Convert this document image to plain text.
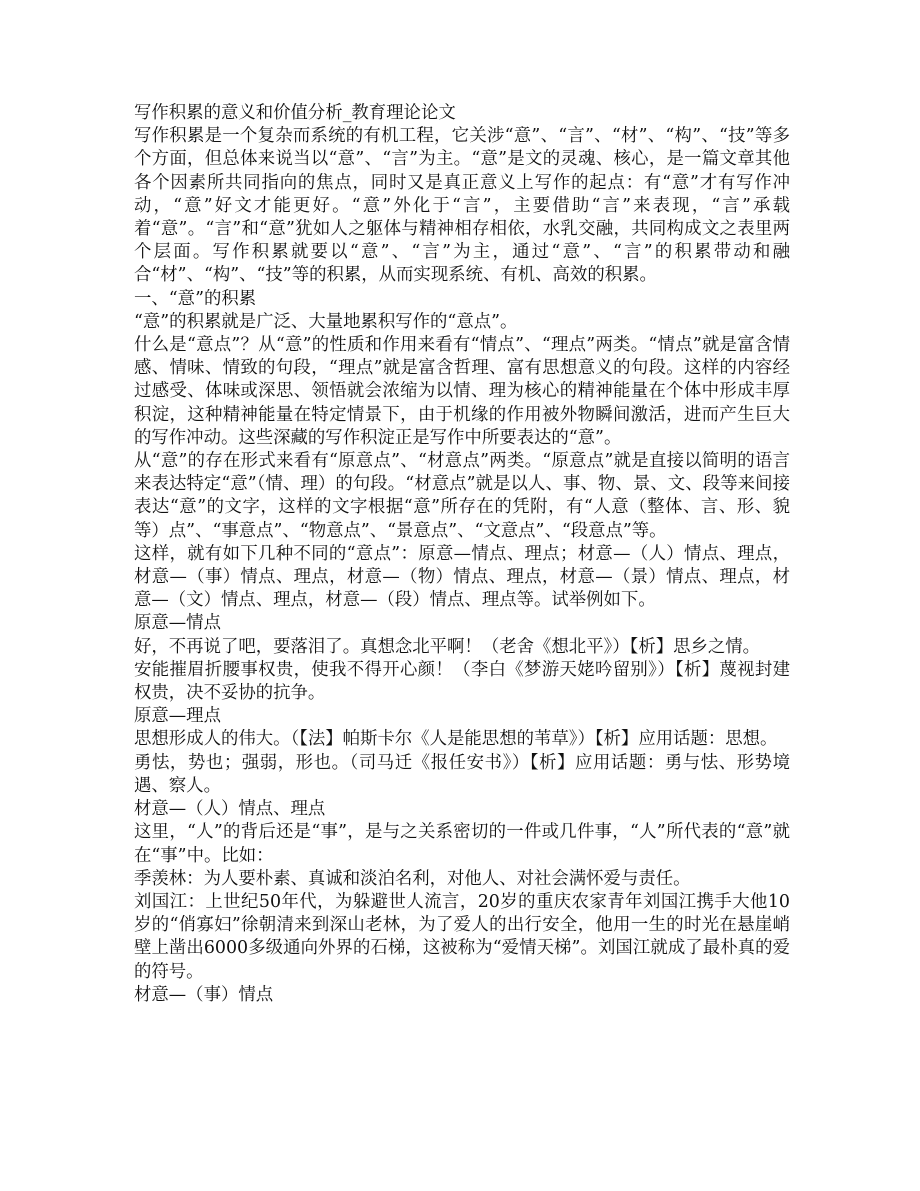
写作积累的意义和价值分析_教育理论论文

写作积累是一个复杂而系统的有机工程，它关涉“意”、“言”、“材”、“构”、“技”等多个方面，但总体来说当以“意”、“言”为主。“意”是文的灵魂、核心，是一篇文章其他各个因素所共同指向的焦点，同时又是真正意义上写作的起点：有“意”才有写作冲动，“意”好文才能更好。“意”外化于“言”，主要借助“言”来表现，“言”承载着“意”。“言”和“意”犹如人之躯体与精神相存相依，水乳交融，共同构成文之表里两个层面。写作积累就要以“意”、“言”为主，通过“意”、“言”的积累带动和融合“材”、“构”、“技”等的积累，从而实现系统、有机、高效的积累。

一、“意”的积累

“意”的积累就是广泛、大量地累积写作的“意点”。

什么是“意点”？从“意”的性质和作用来看有“情点”、“理点”两类。“情点”就是富含情感、情味、情致的句段，“理点”就是富含哲理、富有思想意义的句段。这样的内容经过感受、体味或深思、领悟就会浓缩为以情、理为核心的精神能量在个体中形成丰厚积淀，这种精神能量在特定情景下，由于机缘的作用被外物瞬间激活，进而产生巨大的写作冲动。这些深藏的写作积淀正是写作中所要表达的“意”。

从“意”的存在形式来看有“原意点”、“材意点”两类。“原意点”就是直接以简明的语言来表达特定“意”（情、理）的句段。“材意点”就是以人、事、物、景、文、段等来间接表达“意”的文字，这样的文字根据“意”所存在的凭附，有“人意（整体、言、形、貌等）点”、“事意点”、“物意点”、“景意点”、“文意点”、“段意点”等。

这样，就有如下几种不同的“意点”：原意—情点、理点；材意—（人）情点、理点，材意—（事）情点、理点，材意—（物）情点、理点，材意—（景）情点、理点，材意—（文）情点、理点，材意—（段）情点、理点等。试举例如下。

原意—情点

好，不再说了吧，要落泪了。真想念北平啊！（老舍《想北平》）【析】思乡之情。

安能摧眉折腰事权贵，使我不得开心颜！（李白《梦游天姥吟留别》）【析】蔑视封建权贵，决不妥协的抗争。

原意—理点

思想形成人的伟大。（【法】帕斯卡尔《人是能思想的苇草》）【析】应用话题：思想。

勇怯，势也；强弱，形也。（司马迁《报任安书》）【析】应用话题：勇与怯、形势境遇、察人。

材意—（人）情点、理点

这里，“人”的背后还是“事”，是与之关系密切的一件或几件事，“人”所代表的“意”就在“事”中。比如：

季羡林：为人要朴素、真诚和淡泊名利，对他人、对社会满怀爱与责任。

刘国江：上世纪50年代，为躲避世人流言，20岁的重庆农家青年刘国江携手大他10岁的“俏寡妇”徐朝清来到深山老林，为了爱人的出行安全，他用一生的时光在悬崖峭壁上凿出6000多级通向外界的石梯，这被称为“爱情天梯”。刘国江就成了最朴真的爱的符号。

材意—（事）情点
